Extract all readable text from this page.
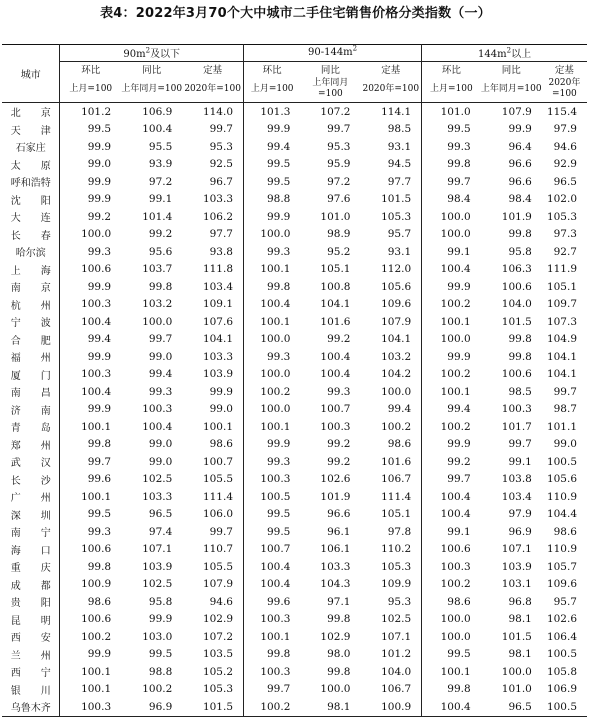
表4：2022年3月70个大中城市二手住宅销售价格分类指数（一）
城市	$90m^2$及以下			$90-144m^2$			$144m^2$以上		
	环比	同比	定基	环比	同比	定基	环比	同比	定基
	上月=100	上年同月=100	2020年=100	上月=100	上年同月=100	2020年=100	上月=100	上年同月=100	2020年=100
北　　京	101.2	106.9	114.0	101.3	107.2	114.1	101.0	107.9	115.4
天　　津	99.5	100.4	99.7	99.9	99.7	98.5	99.5	99.9	97.9
石家庄	99.9	95.5	95.3	99.4	95.3	93.1	99.3	96.4	94.6
太　　原	99.0	93.9	92.5	99.5	95.9	94.5	99.8	96.6	92.9
呼和浩特	99.9	97.2	96.7	99.5	97.2	97.7	99.7	96.6	96.5
沈　　阳	99.9	99.1	103.3	98.8	97.6	101.5	98.4	98.4	102.0
大　　连	99.2	101.4	106.2	99.9	101.0	105.3	100.0	101.9	105.3
长　　春	100.0	99.2	97.7	100.0	98.9	95.7	100.0	99.8	97.3
哈尔滨	99.3	95.6	93.8	99.3	95.2	93.1	99.1	95.8	92.7
上　　海	100.6	103.7	111.8	100.1	105.1	112.0	100.4	106.3	111.9
南　　京	99.9	99.8	103.4	99.8	100.8	105.6	99.9	100.6	105.1
杭　　州	100.3	103.2	109.1	100.4	104.1	109.6	100.2	104.0	109.7
宁　　波	100.4	100.0	107.6	100.1	101.6	107.9	100.1	101.5	107.3
合　　肥	99.4	99.7	104.1	100.0	99.2	104.1	100.0	99.8	104.9
福　　州	99.9	99.0	103.3	99.3	100.4	103.2	99.9	99.8	104.1
厦　　门	100.3	99.4	103.9	100.0	100.4	104.2	100.2	100.6	104.1
南　　昌	100.4	99.3	99.9	100.2	99.3	100.0	100.1	98.5	99.7
济　　南	99.9	100.3	99.0	100.0	100.7	99.4	99.4	100.3	98.7
青　　岛	100.1	100.4	100.1	100.1	100.3	100.2	100.2	101.7	101.1
郑　　州	99.8	99.0	98.6	99.9	99.2	98.6	99.9	99.7	99.0
武　　汉	99.7	99.0	100.7	99.3	99.2	101.6	99.2	99.1	100.5
长　　沙	99.6	102.5	105.5	100.3	102.6	106.7	99.7	103.8	105.6
广　　州	100.1	103.3	111.4	100.5	101.9	111.4	100.4	103.4	110.9
深　　圳	99.5	96.5	106.0	99.5	96.6	105.1	100.4	97.9	104.4
南　　宁	99.3	97.4	99.7	99.5	96.1	97.8	99.1	96.9	98.6
海　　口	100.6	107.1	110.7	100.7	106.1	110.2	100.6	107.1	110.9
重　　庆	99.8	103.9	105.5	100.4	103.3	105.3	100.3	103.9	105.7
成　　都	100.9	102.5	107.9	100.4	104.3	109.9	100.2	103.1	109.6
贵　　阳	98.6	95.8	94.6	99.6	97.1	95.3	98.6	96.8	95.7
昆　　明	100.6	99.9	102.9	100.3	99.8	102.5	100.0	98.1	102.6
西　　安	100.2	103.0	107.2	100.1	102.9	107.1	100.0	101.5	106.4
兰　　州	99.9	99.5	103.5	99.8	98.0	101.2	99.5	98.1	100.5
西　　宁	100.1	98.8	105.2	100.3	99.8	104.0	100.1	100.0	105.8
银　　川	100.1	100.2	105.3	99.7	100.0	106.7	99.8	101.0	106.9
乌鲁木齐	100.3	96.9	101.5	100.2	98.1	100.9	100.4	96.5	100.5
